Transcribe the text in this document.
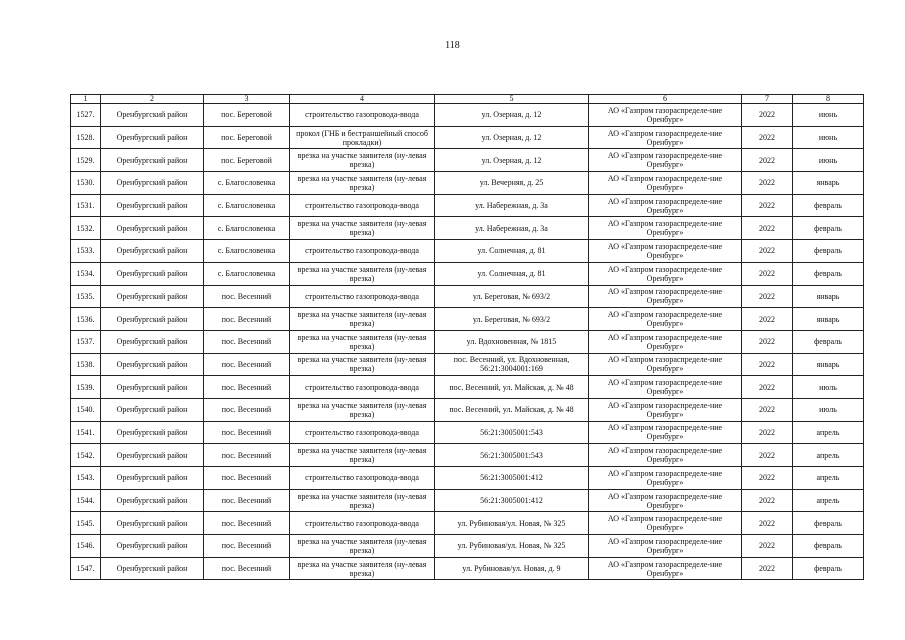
118
1	2	3	4	5	6	7	8
1527.	Оренбургский район	пос. Береговой	строительство газопровода-ввода	ул. Озерная, д. 12	АО «Газпром газораспределе-ние Оренбург»	2022	июнь
1528.	Оренбургский район	пос. Береговой	прокол (ГНБ и бестраншейный способ прокладки)	ул. Озерная, д. 12	АО «Газпром газораспределе-ние Оренбург»	2022	июнь
1529.	Оренбургский район	пос. Береговой	врезка на участке заявителя (ну-левая врезка)	ул. Озерная, д. 12	АО «Газпром газораспределе-ние Оренбург»	2022	июнь
1530.	Оренбургский район	с. Благословенка	врезка на участке заявителя (ну-левая врезка)	ул. Вечерняя, д. 25	АО «Газпром газораспределе-ние Оренбург»	2022	январь
1531.	Оренбургский район	с. Благословенка	строительство газопровода-ввода	ул. Набережная, д. 3а	АО «Газпром газораспределе-ние Оренбург»	2022	февраль
1532.	Оренбургский район	с. Благословенка	врезка на участке заявителя (ну-левая врезка)	ул. Набережная, д. 3а	АО «Газпром газораспределе-ние Оренбург»	2022	февраль
1533.	Оренбургский район	с. Благословенка	строительство газопровода-ввода	ул. Солнечная, д. 81	АО «Газпром газораспределе-ние Оренбург»	2022	февраль
1534.	Оренбургский район	с. Благословенка	врезка на участке заявителя (ну-левая врезка)	ул. Солнечная, д. 81	АО «Газпром газораспределе-ние Оренбург»	2022	февраль
1535.	Оренбургский район	пос. Весенний	строительство газопровода-ввода	ул. Береговая, № 693/2	АО «Газпром газораспределе-ние Оренбург»	2022	январь
1536.	Оренбургский район	пос. Весенний	врезка на участке заявителя (ну-левая врезка)	ул. Береговая, № 693/2	АО «Газпром газораспределе-ние Оренбург»	2022	январь
1537.	Оренбургский район	пос. Весенний	врезка на участке заявителя (ну-левая врезка)	ул. Вдохновенная, № 1815	АО «Газпром газораспределе-ние Оренбург»	2022	февраль
1538.	Оренбургский район	пос. Весенний	врезка на участке заявителя (ну-левая врезка)	пос. Весенний, ул. Вдохновенная, 56:21:3004001:169	АО «Газпром газораспределе-ние Оренбург»	2022	январь
1539.	Оренбургский район	пос. Весенний	строительство газопровода-ввода	пос. Весенний, ул. Майская, д. № 48	АО «Газпром газораспределе-ние Оренбург»	2022	июль
1540.	Оренбургский район	пос. Весенний	врезка на участке заявителя (ну-левая врезка)	пос. Весенний, ул. Майская, д. № 48	АО «Газпром газораспределе-ние Оренбург»	2022	июль
1541.	Оренбургский район	пос. Весенний	строительство газопровода-ввода	56:21:3005001:543	АО «Газпром газораспределе-ние Оренбург»	2022	апрель
1542.	Оренбургский район	пос. Весенний	врезка на участке заявителя (ну-левая врезка)	56:21:3005001:543	АО «Газпром газораспределе-ние Оренбург»	2022	апрель
1543.	Оренбургский район	пос. Весенний	строительство газопровода-ввода	56:21:3005001:412	АО «Газпром газораспределе-ние Оренбург»	2022	апрель
1544.	Оренбургский район	пос. Весенний	врезка на участке заявителя (ну-левая врезка)	56:21:3005001:412	АО «Газпром газораспределе-ние Оренбург»	2022	апрель
1545.	Оренбургский район	пос. Весенний	строительство газопровода-ввода	ул. Рубиновая/ул. Новая, № 325	АО «Газпром газораспределе-ние Оренбург»	2022	февраль
1546.	Оренбургский район	пос. Весенний	врезка на участке заявителя (ну-левая врезка)	ул. Рубиновая/ул. Новая, № 325	АО «Газпром газораспределе-ние Оренбург»	2022	февраль
1547.	Оренбургский район	пос. Весенний	врезка на участке заявителя (ну-левая врезка)	ул. Рубиновая/ул. Новая, д. 9	АО «Газпром газораспределе-ние Оренбург»	2022	февраль
